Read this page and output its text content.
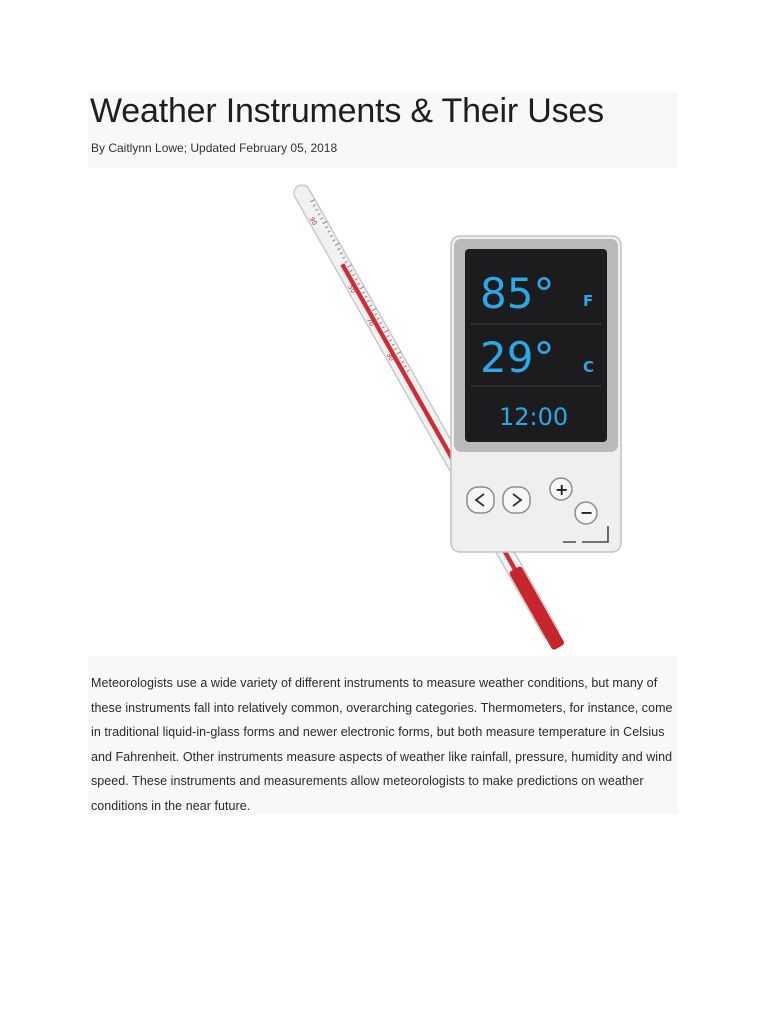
Weather Instruments & Their Uses
By Caitlynn Lowe; Updated February 05, 2018
90
50
70
30
85° F
29° C
12:00
+
−

Meteorologists use a wide variety of different instruments to measure weather conditions, but many of these instruments fall into relatively common, overarching categories. Thermometers, for instance, come in traditional liquid-in-glass forms and newer electronic forms, but both measure temperature in Celsius and Fahrenheit. Other instruments measure aspects of weather like rainfall, pressure, humidity and wind speed. These instruments and measurements allow meteorologists to make predictions on weather conditions in the near future.
